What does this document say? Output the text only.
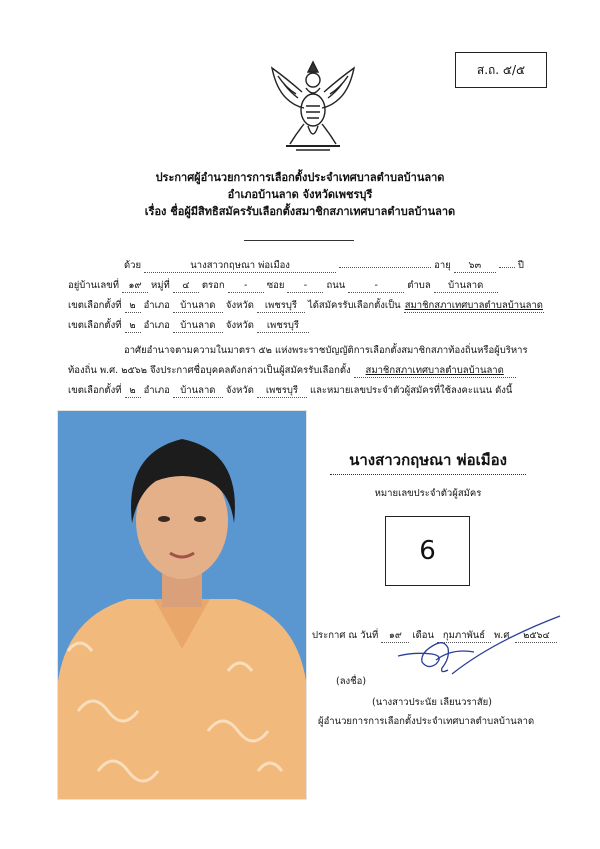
ส.ถ. ๕/๕
ประกาศผู้อำนวยการการเลือกตั้งประจำเทศบาลตำบลบ้านลาด
อำเภอบ้านลาด จังหวัดเพชรบุรี
เรื่อง ชื่อผู้มีสิทธิสมัครรับเลือกตั้งสมาชิกสภาเทศบาลตำบลบ้านลาด
ด้วย	นางสาวกฤษณา พ่อเมือง	อายุ ๖๓	ปี
อยู่บ้านเลขที่ ๑๙ หมู่ที่ ๔ ตรอก - ซอย - ถนน	-	ตำบล บ้านลาด
เขตเลือกตั้งที่ ๒ อำเภอ บ้านลาด จังหวัด เพชรบุรี ได้สมัครรับเลือกตั้งเป็น สมาชิกสภาเทศบาลตำบลบ้านลาด
เขตเลือกตั้งที่ ๒ อำเภอ บ้านลาด จังหวัด เพชรบุรี
อาศัยอำนาจตามความในมาตรา ๕๒ แห่งพระราชบัญญัติการเลือกตั้งสมาชิกสภาท้องถิ่นหรือผู้บริหาร
ท้องถิ่น พ.ศ. ๒๕๖๒ จึงประกาศชื่อบุคคลดังกล่าวเป็นผู้สมัครรับเลือกตั้ง สมาชิกสภาเทศบาลตำบลบ้านลาด
เขตเลือกตั้งที่ ๒ อำเภอ บ้านลาด จังหวัด เพชรบุรี และหมายเลขประจำตัวผู้สมัครที่ใช้ลงคะแนน ดังนี้
นางสาวกฤษณา พ่อเมือง
หมายเลขประจำตัวผู้สมัคร
6
ประกาศ ณ วันที่ ๑๙ เดือน กุมภาพันธ์ พ.ศ. ๒๕๖๔
(ลงชื่อ)
(นางสาวประนัย เลียนวราสัย)
ผู้อำนวยการการเลือกตั้งประจำเทศบาลตำบลบ้านลาด
